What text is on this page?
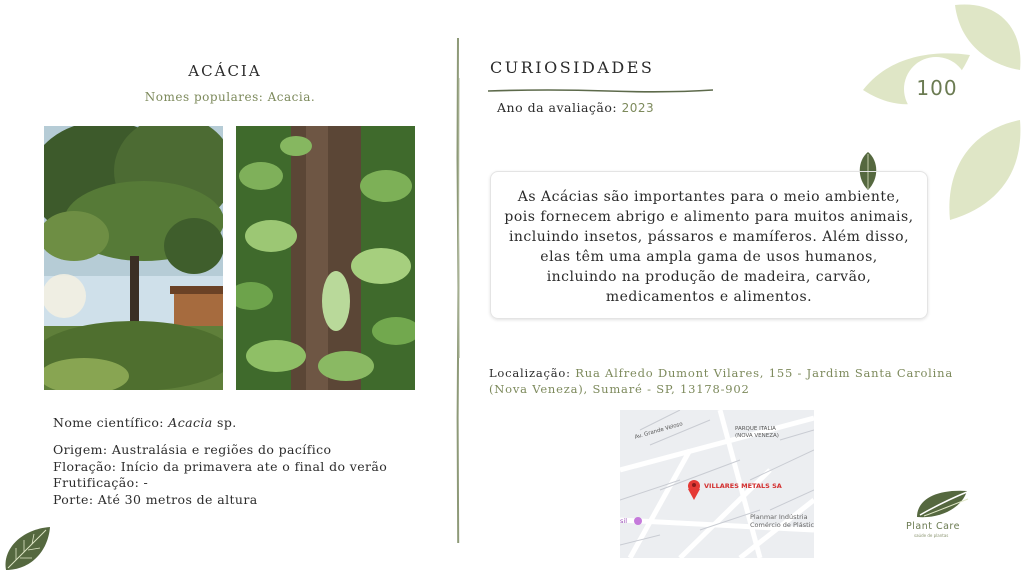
ACÁCIA
Nomes populares: Acacia.
Nome científico: Acacia sp.
Origem: Australásia e regiões do pacífico
Floração: Início da primavera ate o final do verão
Frutificação: -
Porte: Até 30 metros de altura
CURIOSIDADES
Ano da avaliação: 2023
As Acácias são importantes para o meio ambiente, pois fornecem abrigo e alimento para muitos animais, incluindo insetos, pássaros e mamíferos. Além disso, elas têm uma ampla gama de usos humanos, incluindo na produção de madeira, carvão, medicamentos e alimentos.
Localização: Rua Alfredo Dumont Vilares, 155 - Jardim Santa Carolina (Nova Veneza), Sumaré - SP, 13178-902
Av. Grande Veloso	PARQUE ITALIA
(NOVA VENEZA)
VILLARES METALS SA
Planmar Indústria
Comércio de Plástic
sil
100
Plant Care
saúde de plantas
